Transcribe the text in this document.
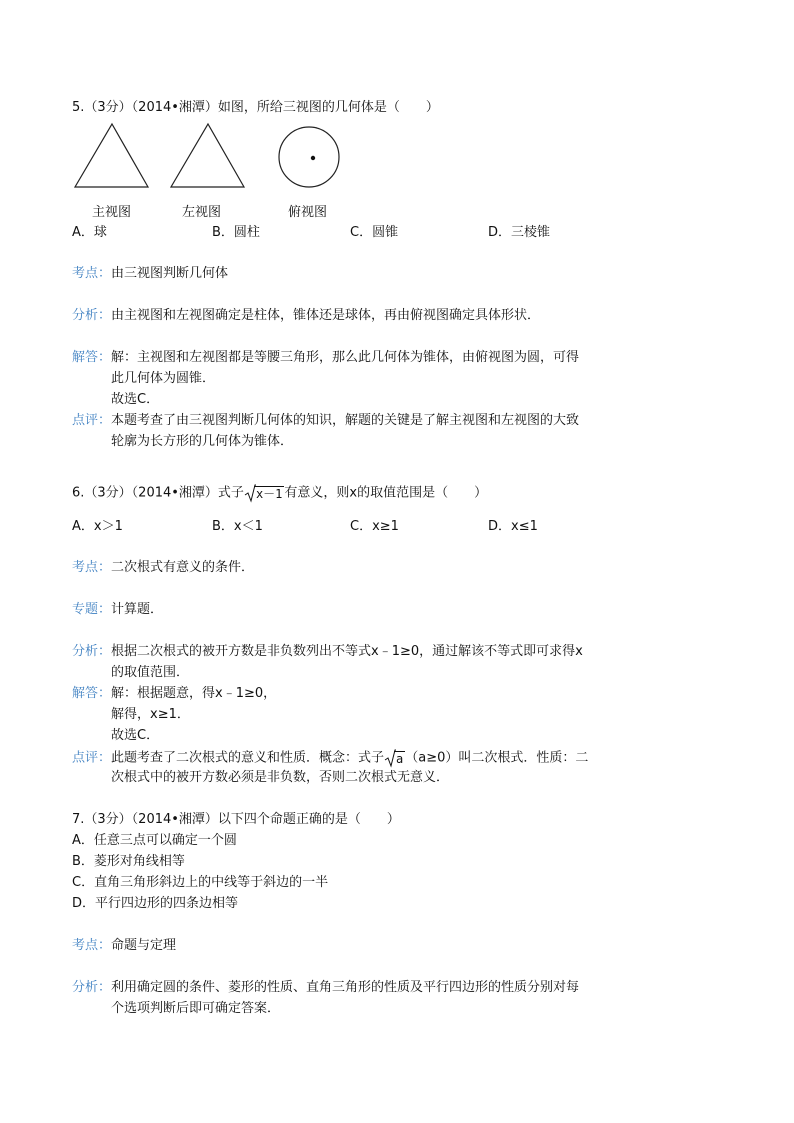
5.（3分）（2014•湘潭）如图，所给三视图的几何体是（　　）
主视图	左视图	俯视图
A．球	B．圆柱	C．圆锥	D．三棱锥
考点：由三视图判断几何体
分析：由主视图和左视图确定是柱体，锥体还是球体，再由俯视图确定具体形状．
解答：解：主视图和左视图都是等腰三角形，那么此几何体为锥体，由俯视图为圆，可得
此几何体为圆锥．
故选C．
点评：本题考查了由三视图判断几何体的知识，解题的关键是了解主视图和左视图的大致
轮廓为长方形的几何体为锥体．
6.（3分）（2014•湘潭）式子 x－1 有意义，则x的取值范围是（　　）
A．x＞1	B．x＜1	C．x≥1	D．x≤1
考点：二次根式有意义的条件．
专题：计算题．
分析：根据二次根式的被开方数是非负数列出不等式x﹣1≥0，通过解该不等式即可求得x
的取值范围．
解答：解：根据题意，得x﹣1≥0，
解得，x≥1．
故选C．
点评：此题考查了二次根式的意义和性质．概念：式子 a （a≥0）叫二次根式．性质：二
次根式中的被开方数必须是非负数，否则二次根式无意义．
7.（3分）（2014•湘潭）以下四个命题正确的是（　　）
A．任意三点可以确定一个圆
B．菱形对角线相等
C．直角三角形斜边上的中线等于斜边的一半
D．平行四边形的四条边相等
考点：命题与定理
分析：利用确定圆的条件、菱形的性质、直角三角形的性质及平行四边形的性质分别对每
个选项判断后即可确定答案．
